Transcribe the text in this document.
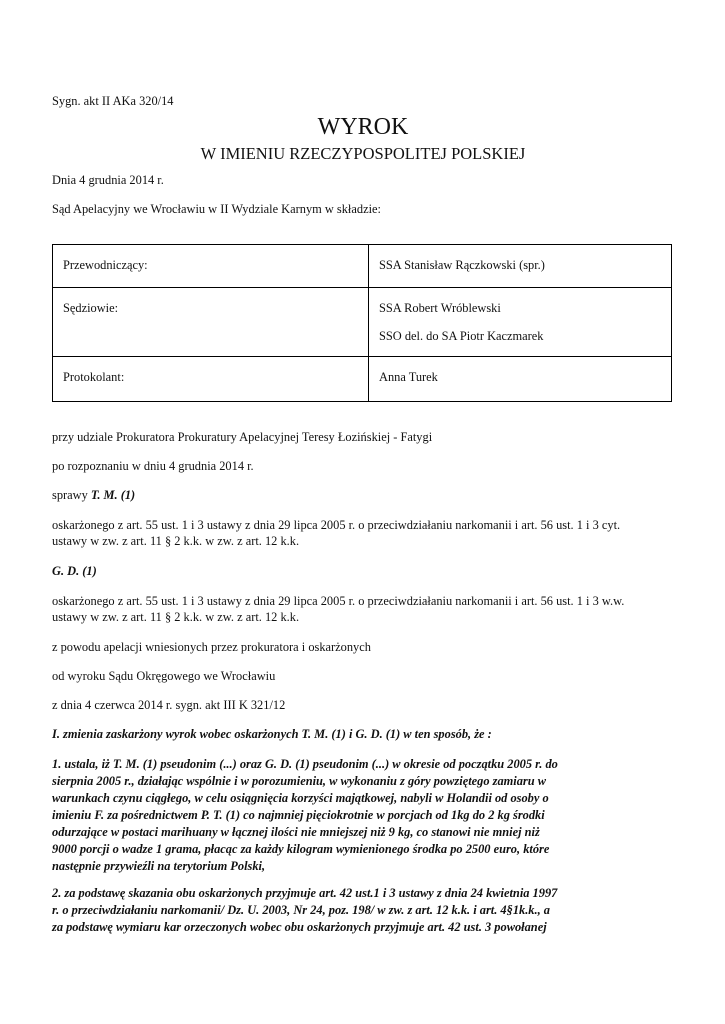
Sygn. akt II AKa 320/14
WYROK
W IMIENIU RZECZYPOSPOLITEJ POLSKIEJ
Dnia 4 grudnia 2014 r.
Sąd Apelacyjny we Wrocławiu w II Wydziale Karnym w składzie:
Przewodniczący:	SSA Stanisław Rączkowski (spr.)

Sędziowie:	SSA Robert Wróblewski
SSO del. do SA Piotr Kaczmarek

Protokolant:	Anna Turek
przy udziale Prokuratora Prokuratury Apelacyjnej Teresy Łozińskiej - Fatygi
po rozpoznaniu w dniu 4 grudnia 2014 r.
sprawy T. M. (1)
oskarżonego z art. 55 ust. 1 i 3 ustawy z dnia 29 lipca 2005 r. o przeciwdziałaniu narkomanii i art. 56 ust. 1 i 3 cyt.
ustawy w zw. z art. 11 § 2 k.k. w zw. z art. 12 k.k.
G. D. (1)
oskarżonego z art. 55 ust. 1 i 3 ustawy z dnia 29 lipca 2005 r. o przeciwdziałaniu narkomanii i art. 56 ust. 1 i 3 w.w.
ustawy w zw. z art. 11 § 2 k.k. w zw. z art. 12 k.k.
z powodu apelacji wniesionych przez prokuratora i oskarżonych
od wyroku Sądu Okręgowego we Wrocławiu
z dnia 4 czerwca 2014 r. sygn. akt III K 321/12
I. zmienia zaskarżony wyrok wobec oskarżonych T. M. (1) i G. D. (1) w ten sposób, że :
1. ustala, iż T. M. (1) pseudonim (...) oraz G. D. (1) pseudonim (...) w okresie od początku 2005 r. do
sierpnia 2005 r., działając wspólnie i w porozumieniu, w wykonaniu z góry powziętego zamiaru w
warunkach czynu ciągłego, w celu osiągnięcia korzyści majątkowej, nabyli w Holandii od osoby o
imieniu F. za pośrednictwem P. T. (1) co najmniej pięciokrotnie w porcjach od 1kg do 2 kg środki
odurzające w postaci marihuany w łącznej ilości nie mniejszej niż 9 kg, co stanowi nie mniej niż
9000 porcji o wadze 1 grama, płacąc za każdy kilogram wymienionego środka po 2500 euro, które
następnie przywieźli na terytorium Polski,
2. za podstawę skazania obu oskarżonych przyjmuje art. 42 ust.1 i 3 ustawy z dnia 24 kwietnia 1997
r. o przeciwdziałaniu narkomanii/ Dz. U. 2003, Nr 24, poz. 198/ w zw. z art. 12 k.k. i art. 4§1k.k., a
za podstawę wymiaru kar orzeczonych wobec obu oskarżonych przyjmuje art. 42 ust. 3 powołanej
